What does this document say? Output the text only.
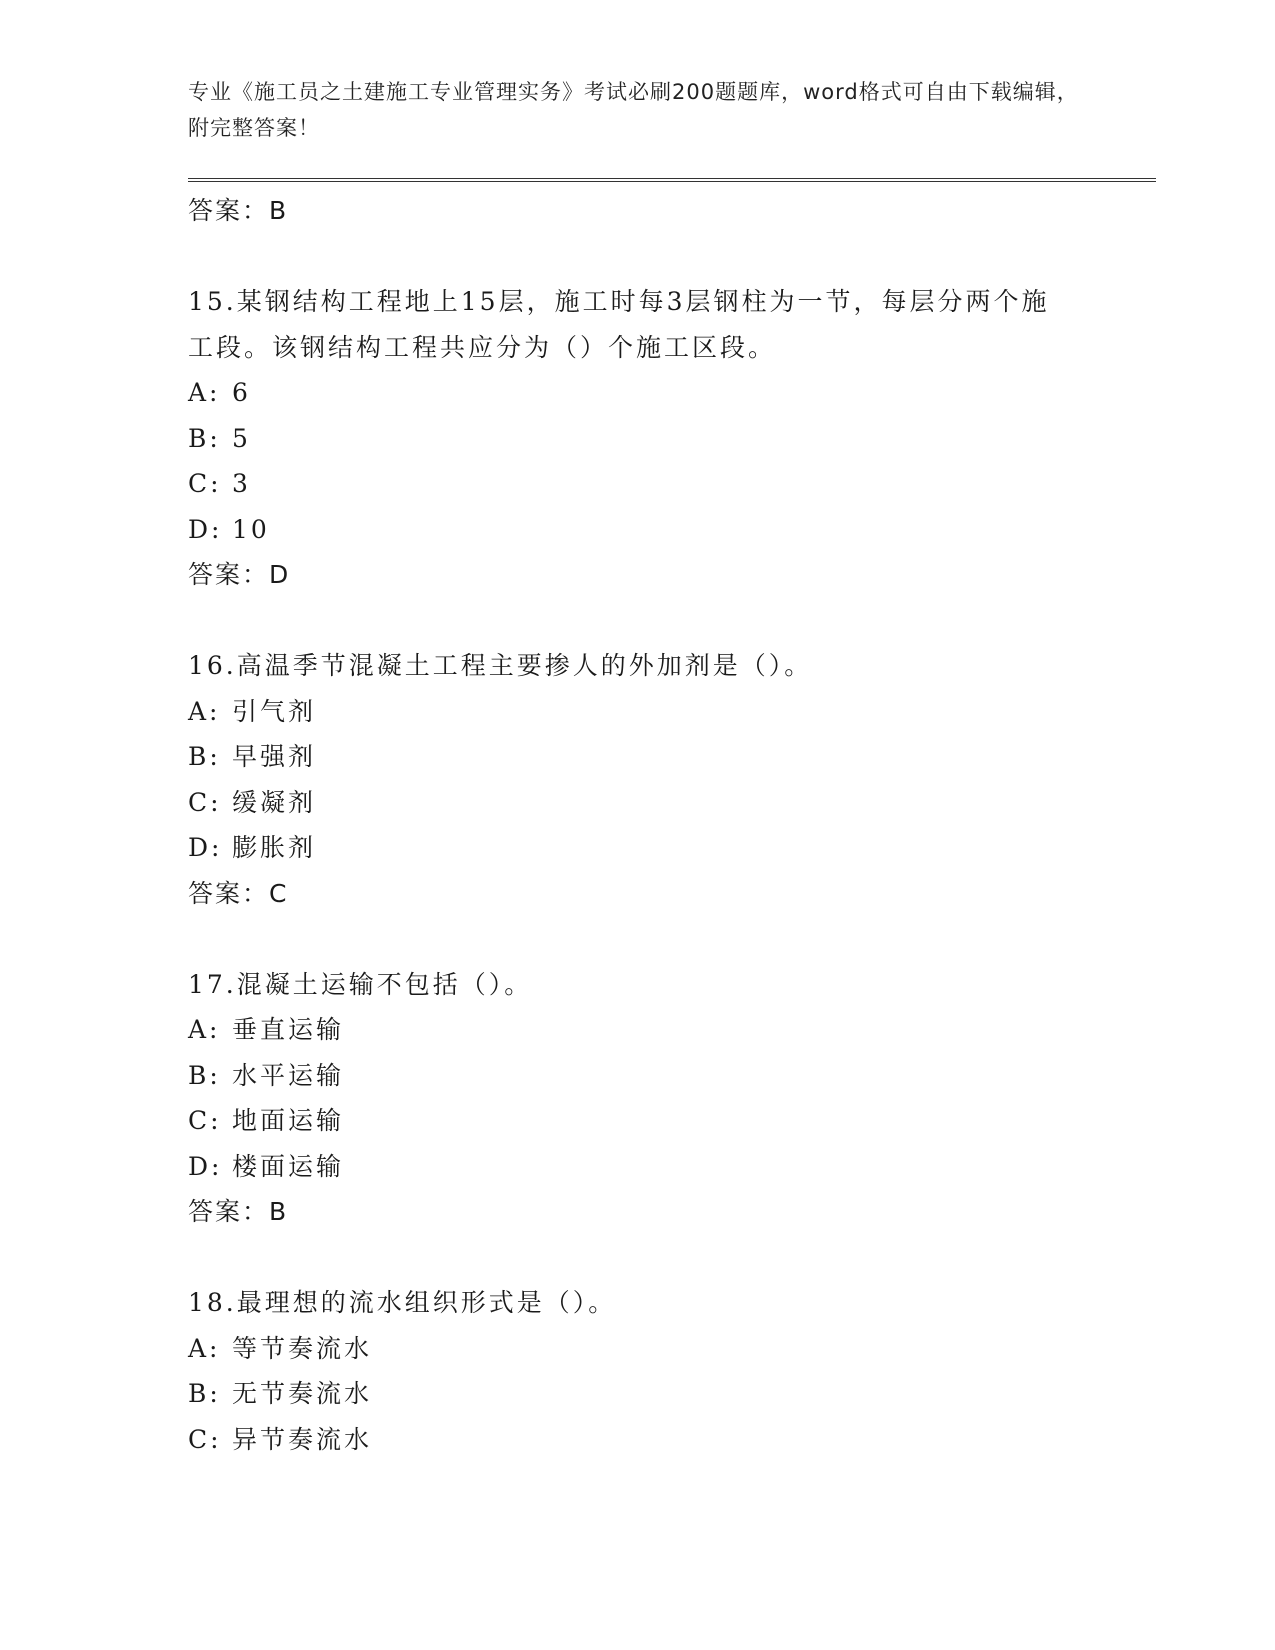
专业《施工员之土建施工专业管理实务》考试必刷200题题库，word格式可自由下载编辑，附完整答案！
答案：B
15.某钢结构工程地上15层，施工时每3层钢柱为一节，每层分两个施工段。该钢结构工程共应分为（）个施工区段。
A: 6
B: 5
C: 3
D: 10
答案：D
16.高温季节混凝土工程主要掺人的外加剂是（）。
A: 引气剂
B: 早强剂
C: 缓凝剂
D: 膨胀剂
答案：C
17.混凝土运输不包括（）。
A: 垂直运输
B: 水平运输
C: 地面运输
D: 楼面运输
答案：B
18.最理想的流水组织形式是（）。
A: 等节奏流水
B: 无节奏流水
C: 异节奏流水
